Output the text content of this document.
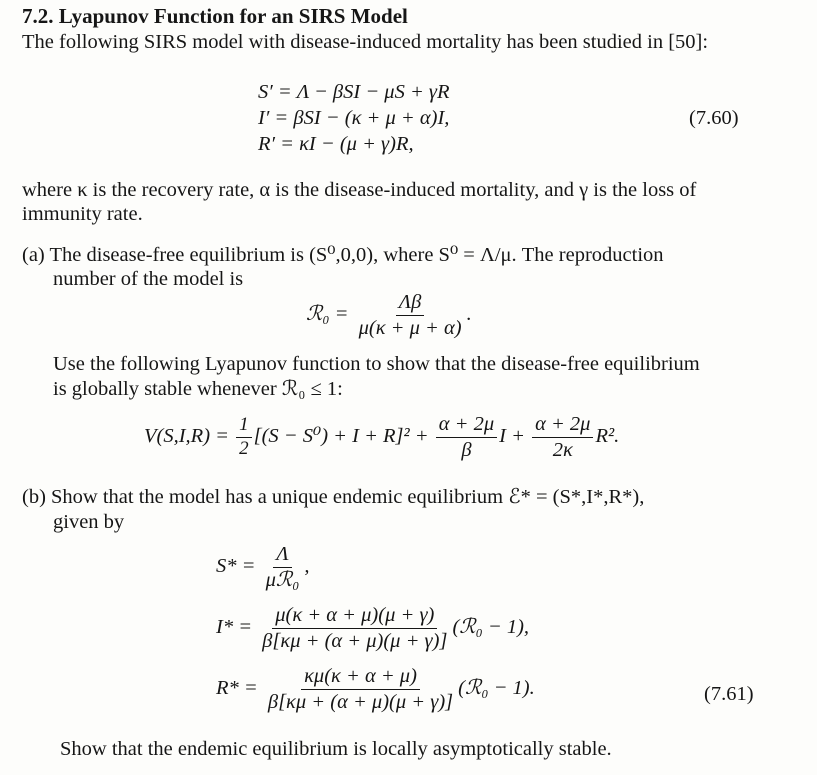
7.2. Lyapunov Function for an SIRS Model
The following SIRS model with disease-induced mortality has been studied in [50]:
S′ = Λ − βSI − μS + γR
I′ = βSI − (κ + μ + α)I,
R′ = κI − (μ + γ)R,
(7.60)
where κ is the recovery rate, α is the disease-induced mortality, and γ is the loss of
immunity rate.
(a) The disease-free equilibrium is (S⁰,0,0), where S⁰ = Λ/μ. The reproduction
number of the model is
ℛ₀ = $\frac{\Lambda\beta}{\mu(\kappa + \mu + \alpha)}$ .
Use the following Lyapunov function to show that the disease-free equilibrium
is globally stable whenever ℛ₀ ≤ 1:
$V(S,I,R) = \frac{1}{2} [(S - S^0) + I + R]^2 + \frac{\alpha + 2\mu}{\beta}$ $I + \frac{\alpha + 2\mu}{2\kappa} R^2$.
(b) Show that the model has a unique endemic equilibrium ℰ* = (S*,I*,R*),
given by
$S* = \frac{\Lambda}{\text{μℛ₀}}$ ,
$I* = \frac{\mu(\kappa + \alpha + \mu)(\mu + \gamma)}{\beta[\kappa\mu + (\alpha + \mu)(\mu + \gamma)]}$ (ℛ₀ − 1),
$R* = \frac{\kappa\mu(\kappa + \alpha + \mu)}{\beta[\kappa\mu + (\alpha + \mu)(\mu + \gamma)]}$ (ℛ₀ − 1).	(7.61)
Show that the endemic equilibrium is locally asymptotically stable.
